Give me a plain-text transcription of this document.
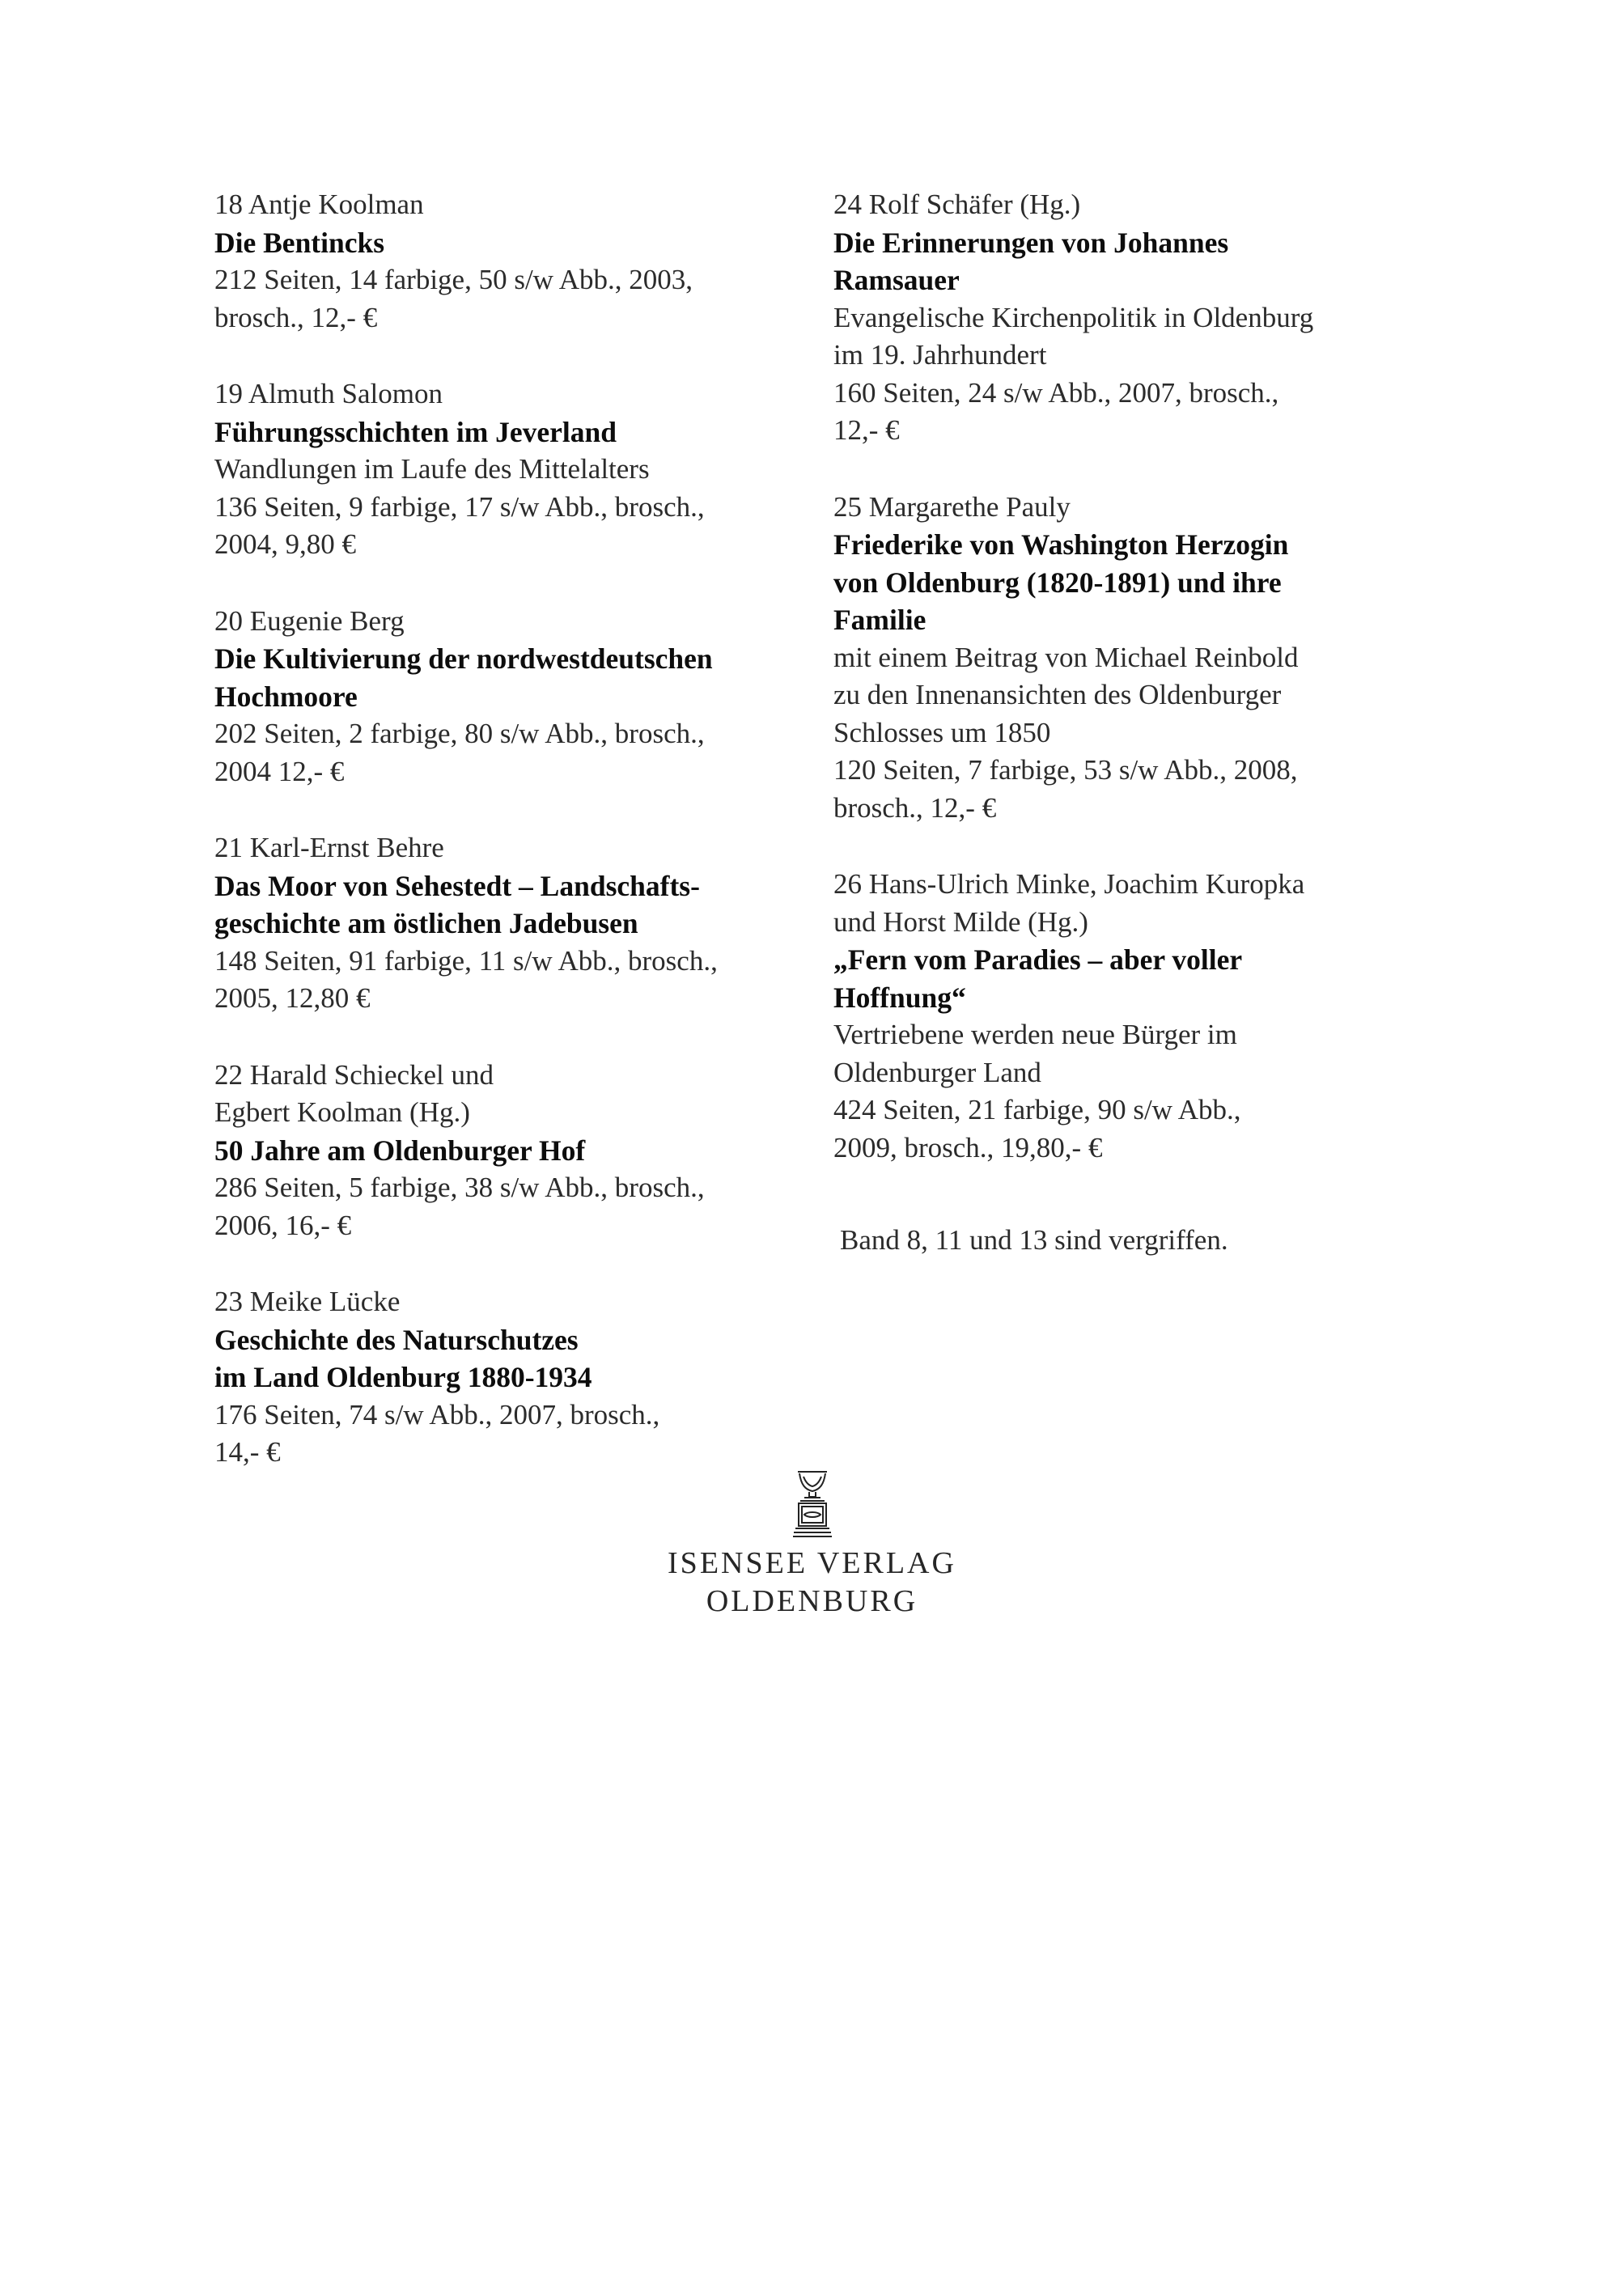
18 Antje Koolman
Die Bentincks
212 Seiten, 14 farbige, 50 s/w Abb., 2003,
brosch., 12,- €
19 Almuth Salomon
Führungsschichten im Jeverland
Wandlungen im Laufe des Mittelalters
136 Seiten, 9 farbige, 17 s/w Abb., brosch.,
2004, 9,80 €
20 Eugenie Berg
Die Kultivierung der nordwestdeutschen
Hochmoore
202 Seiten, 2 farbige, 80 s/w Abb., brosch.,
2004 12,- €
21 Karl-Ernst Behre
Das Moor von Sehestedt – Landschafts-
geschichte am östlichen Jadebusen
148 Seiten, 91 farbige, 11 s/w Abb., brosch.,
2005, 12,80 €
22 Harald Schieckel und
Egbert Koolman (Hg.)
50 Jahre am Oldenburger Hof
286 Seiten, 5 farbige, 38 s/w Abb., brosch.,
2006, 16,- €
23 Meike Lücke
Geschichte des Naturschutzes
im Land Oldenburg 1880-1934
176 Seiten, 74 s/w Abb., 2007, brosch.,
14,- €
24 Rolf Schäfer (Hg.)
Die Erinnerungen von Johannes
Ramsauer
Evangelische Kirchenpolitik in Oldenburg
im 19. Jahrhundert
160 Seiten, 24 s/w Abb., 2007, brosch.,
12,- €
25 Margarethe Pauly
Friederike von Washington Herzogin
von Oldenburg (1820-1891) und ihre
Familie
mit einem Beitrag von Michael Reinbold
zu den Innenansichten des Oldenburger
Schlosses um 1850
120 Seiten, 7 farbige, 53 s/w Abb., 2008,
brosch., 12,- €
26 Hans-Ulrich Minke, Joachim Kuropka
und Horst Milde (Hg.)
„Fern vom Paradies – aber voller
Hoffnung“
Vertriebene werden neue Bürger im
Oldenburger Land
424 Seiten, 21 farbige, 90 s/w Abb.,
2009, brosch., 19,80,- €
Band 8, 11 und 13 sind vergriffen.
ISENSEE VERLAG
OLDENBURG
